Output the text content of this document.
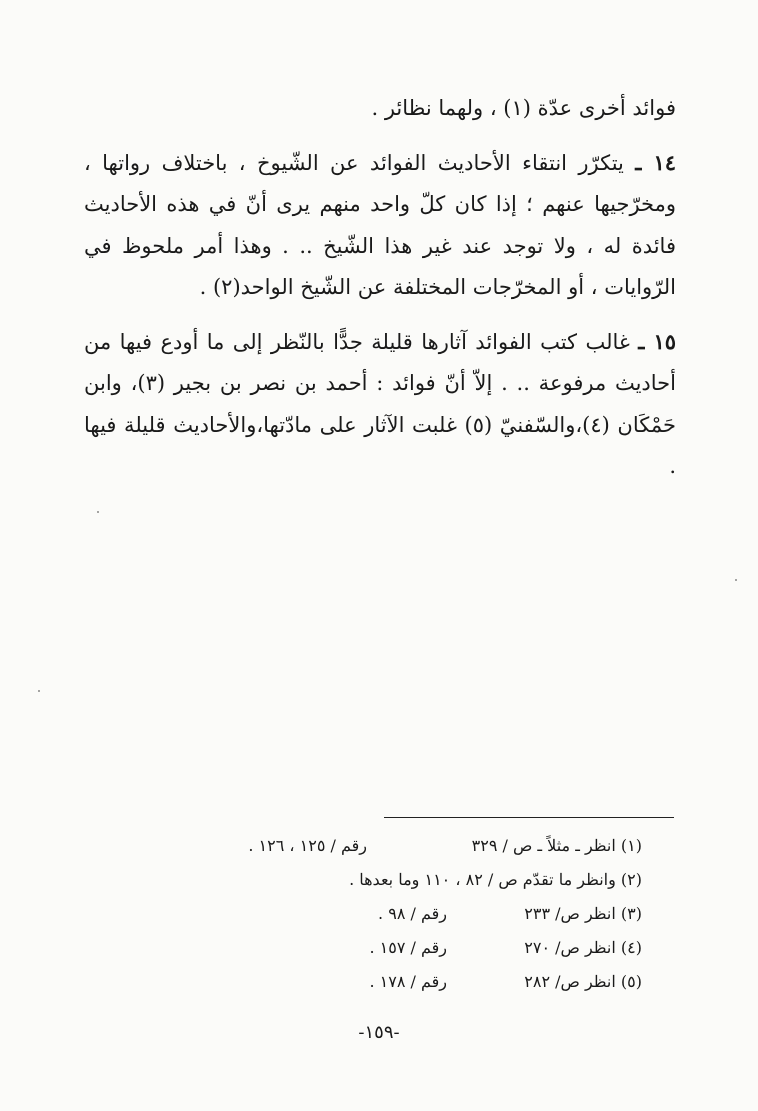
فوائد أخرى عدّة (١) ، ولهما نظائر .

١٤ ـ يتكرّر انتقاء الأحاديث الفوائد عن الشّيوخ ، باختلاف رواتها ، ومخرّجيها عنهم ؛ إذا كان كلّ واحد منهم يرى أنّ في هذه الأحاديث فائدة له ، ولا توجد عند غير هذا الشّيخ .. . وهذا أمر ملحوظ في الرّوايات ، أو المخرّجات المختلفة عن الشّيخ الواحد(٢) .

١٥ ـ غالب كتب الفوائد آثارها قليلة جدًّا بالنّظر إلى ما أودع فيها من أحاديث مرفوعة .. . إلاّ أنّ فوائد : أحمد بن نصر بن بجير (٣)، وابن حَمْكَان (٤)،والسّفنيّ (٥) غلبت الآثار على مادّتها،والأحاديث قليلة فيها .

(١) انظر ـ مثلاً ـ ص / ٣٢٩
رقم / ١٢٥ ، ١٢٦ .
(٢) وانظر ما تقدّم ص / ٨٢ ، ١١٠ وما بعدها .
(٣) انظر ص/ ٢٣٣
رقم / ٩٨ .
(٤) انظر ص/ ٢٧٠
رقم / ١٥٧ .
(٥) انظر ص/ ٢٨٢
رقم / ١٧٨ .
-١٥٩-
